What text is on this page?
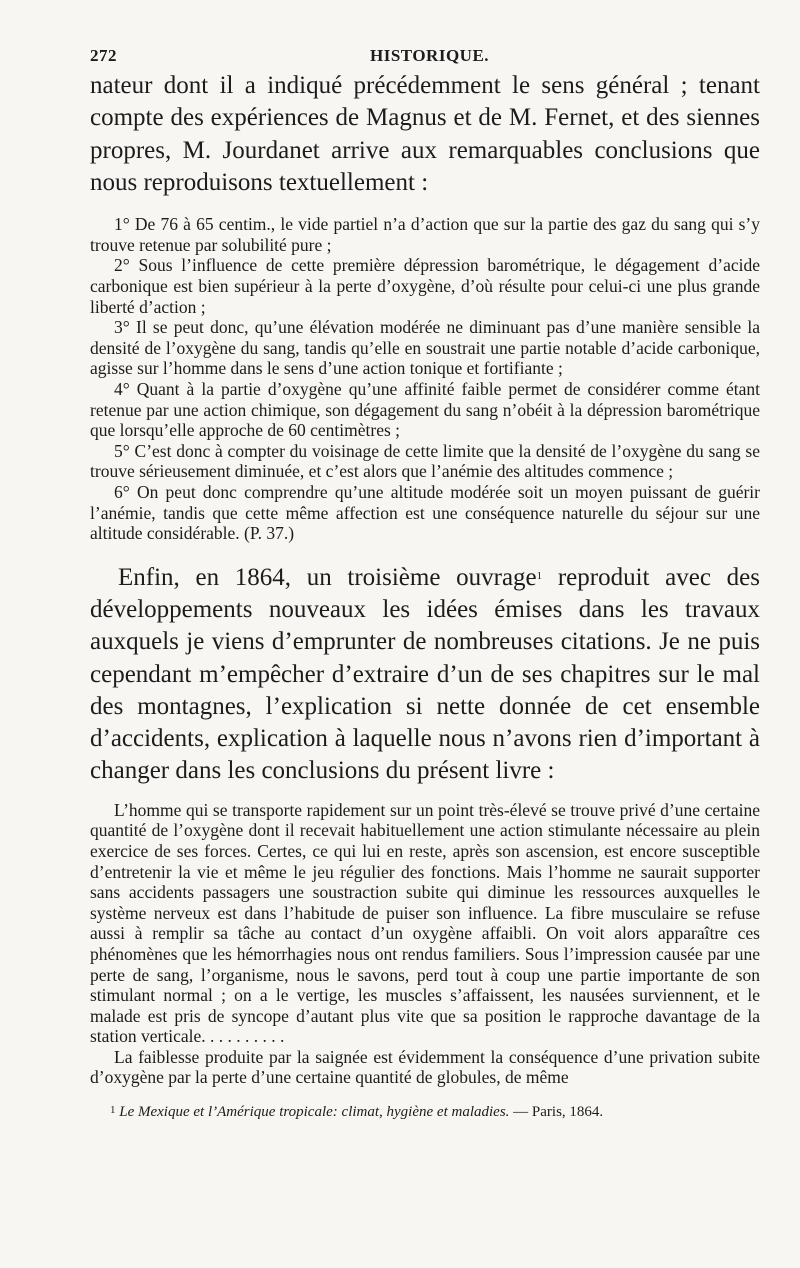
272	HISTORIQUE.

nateur dont il a indiqué précédemment le sens général ; tenant compte des expériences de Magnus et de M. Fernet, et des siennes propres, M. Jourdanet arrive aux remarquables conclusions que nous reproduisons textuellement :

1° De 76 à 65 centim., le vide partiel n’a d’action que sur la partie des gaz du sang qui s’y trouve retenue par solubilité pure ;

2° Sous l’influence de cette première dépression barométrique, le dégagement d’acide carbonique est bien supérieur à la perte d’oxygène, d’où résulte pour celui-ci une plus grande liberté d’action ;

3° Il se peut donc, qu’une élévation modérée ne diminuant pas d’une manière sensible la densité de l’oxygène du sang, tandis qu’elle en soustrait une partie notable d’acide carbonique, agisse sur l’homme dans le sens d’une action tonique et fortifiante ;

4° Quant à la partie d’oxygène qu’une affinité faible permet de considérer comme étant retenue par une action chimique, son dégagement du sang n’obéit à la dépression barométrique que lorsqu’elle approche de 60 centimètres ;

5° C’est donc à compter du voisinage de cette limite que la densité de l’oxygène du sang se trouve sérieusement diminuée, et c’est alors que l’anémie des altitudes commence ;

6° On peut donc comprendre qu’une altitude modérée soit un moyen puissant de guérir l’anémie, tandis que cette même affection est une conséquence naturelle du séjour sur une altitude considérable. (P. 37.)

Enfin, en 1864, un troisième ouvrage$^1$ reproduit avec des développements nouveaux les idées émises dans les travaux auxquels je viens d’emprunter de nombreuses citations. Je ne puis cependant m’empêcher d’extraire d’un de ses chapitres sur le mal des montagnes, l’explication si nette donnée de cet ensemble d’accidents, explication à laquelle nous n’avons rien d’important à changer dans les conclusions du présent livre :

L’homme qui se transporte rapidement sur un point très-élevé se trouve privé d’une certaine quantité de l’oxygène dont il recevait habituellement une action stimulante nécessaire au plein exercice de ses forces. Certes, ce qui lui en reste, après son ascension, est encore susceptible d’entretenir la vie et même le jeu régulier des fonctions. Mais l’homme ne saurait supporter sans accidents passagers une soustraction subite qui diminue les ressources auxquelles le système nerveux est dans l’habitude de puiser son influence. La fibre musculaire se refuse aussi à remplir sa tâche au contact d’un oxygène affaibli. On voit alors apparaître ces phénomènes que les hémorrhagies nous ont rendus familiers. Sous l’impression causée par une perte de sang, l’organisme, nous le savons, perd tout à coup une partie importante de son stimulant normal ; on a le vertige, les muscles s’affaissent, les nausées surviennent, et le malade est pris de syncope d’autant plus vite que sa position le rapproche davantage de la station verticale. . . . . . . . . .

La faiblesse produite par la saignée est évidemment la conséquence d’une privation subite d’oxygène par la perte d’une certaine quantité de globules, de même

$^1$ Le Mexique et l’Amérique tropicale: climat, hygiène et maladies. — Paris, 1864.
